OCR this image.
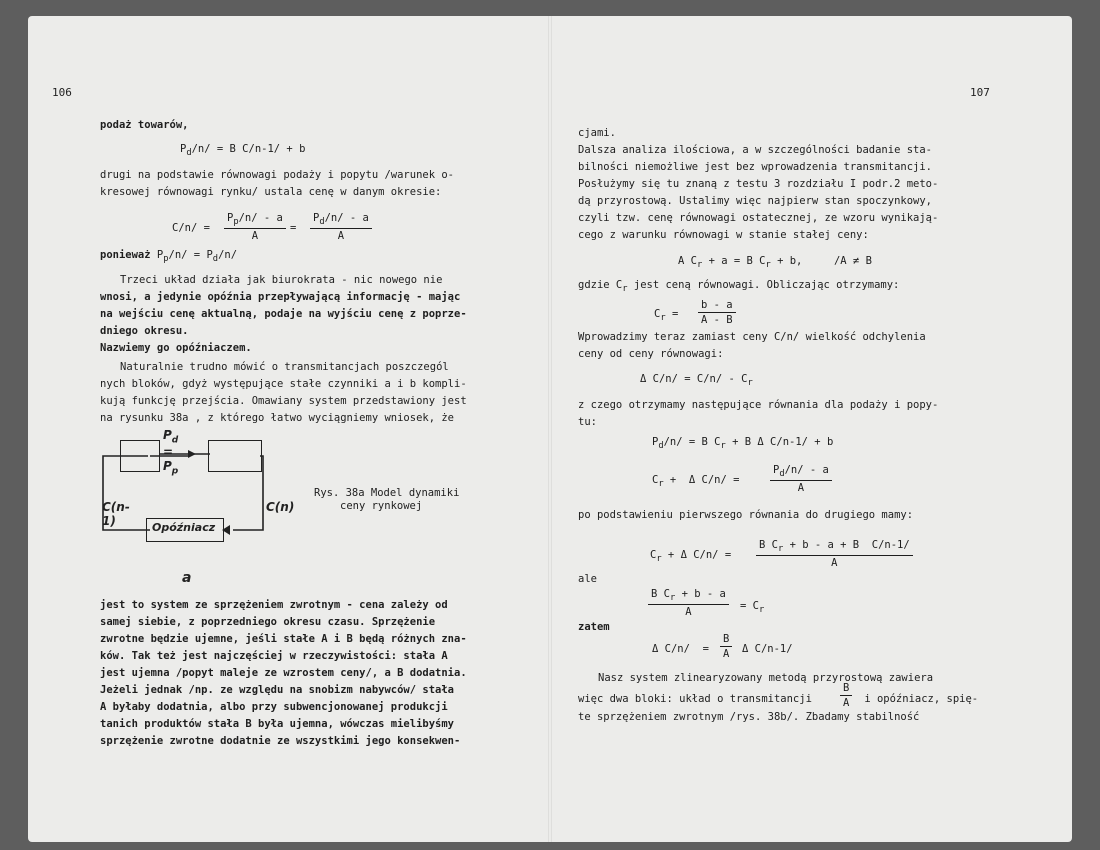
106
podaż towarów,
$P_d/n/ = B$ C/n-1/ + b
drugi na podstawie równowagi podaży i popytu /warunek o-
kresowej równowagi rynku/ ustala cenę w danym okresie:
$C/n/ = \frac{P_p/n/ - a}{A} = \frac{P_d/n/ - a}{A}$
ponieważ $P_p/n/ = P_d/n/$
Trzeci układ działa jak biurokrata - nic nowego nie
wnosi, a jedynie opóźnia przepływającą informację - mając
na wejściu cenę aktualną, podaje na wyjściu cenę z poprze-
dniego okresu.
Nazwiemy go opóźniaczem.
Naturalnie trudno mówić o transmitancjach poszczegól
nych bloków, gdyż występujące stałe czynniki a i b kompli-
kują funkcję przejścia. Omawiany system przedstawiony jest
na rysunku 38a , z którego łatwo wyciągniemy wniosek, że
$P_d = P_p$
C(n-1)
C(n)
Opóźniacz
Rys. 38a Model dynamiki
ceny rynkowej
a
jest to system ze sprzężeniem zwrotnym - cena zależy od
samej siebie, z poprzedniego okresu czasu. Sprzężenie
zwrotne będzie ujemne, jeśli stałe A i B będą różnych zna-
ków. Tak też jest najczęściej w rzeczywistości: stała A
jest ujemna /popyt maleje ze wzrostem ceny/, a B dodatnia.
Jeżeli jednak /np. ze względu na snobizm nabywców/ stała
A byłaby dodatnia, albo przy subwencjonowanej produkcji
tanich produktów stała B była ujemna, wówczas mielibyśmy
sprzężenie zwrotne dodatnie ze wszystkimi jego konsekwen-
107
cjami.
Dalsza analiza ilościowa, a w szczególności badanie sta-
bilności niemożliwe jest bez wprowadzenia transmitancji.
Posłużymy się tu znaną z testu 3 rozdziału I podr.2 meto-
dą przyrostową. Ustalimy więc najpierw stan spoczynkowy,
czyli tzw. cenę równowagi ostatecznej, ze wzoru wynikają-
cego z warunku równowagi w stanie stałej ceny:
A $C_r + a = B$ $C_r + b$,     /A ≠ B
gdzie $C_r$ jest ceną równowagi. Obliczając otrzymamy:
$C_r = \frac{b - a}{A - B}$
Wprowadzimy teraz zamiast ceny C/n/ wielkość odchylenia
ceny od ceny równowagi:
Δ $C/n/ = C/n/ - C_r$
z czego otrzymamy następujące równania dla podaży i popy-
tu:
$P_d/n/ = B$ $C_r + B$ Δ C/n-1/ + b
$C_r + \Delta$ C/n/ =	$\frac{P_d/n/ - a}{A}$
po podstawieniu pierwszego równania do drugiego mamy:
$C_r + \Delta$ $C/n/ = \frac{B C_r + b - a + B C/n-1/}{A}$
ale
$\frac{B C_r + b - a}{A} = C_r$
zatem
Δ $C/n/ = \frac{B}{A}$ Δ C/n-1/
Nasz system zlinearyzowany metodą przyrostową zawiera
więc dwa bloki: układ o transmitancji	$\frac{B}{A}$ i opóźniacz, spię-
te sprzężeniem zwrotnym /rys. 38b/. Zbadamy stabilność
